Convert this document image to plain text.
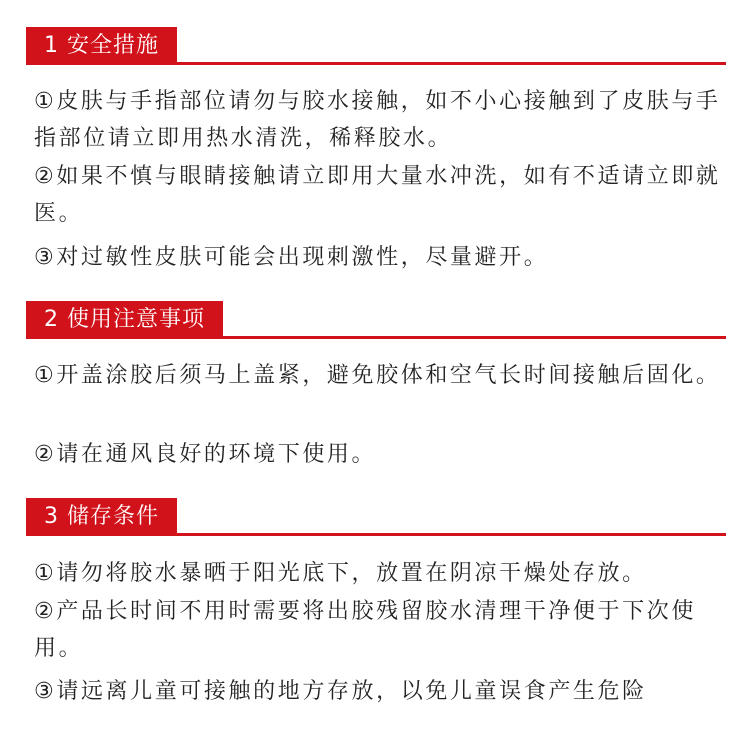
1 安全措施

①皮肤与手指部位请勿与胶水接触，如不小心接触到了皮肤与手指部位请立即用热水清洗，稀释胶水。

②如果不慎与眼睛接触请立即用大量水冲洗，如有不适请立即就医。

③对过敏性皮肤可能会出现刺激性，尽量避开。

2 使用注意事项

①开盖涂胶后须马上盖紧，避免胶体和空气长时间接触后固化。

②请在通风良好的环境下使用。

3 储存条件

①请勿将胶水暴晒于阳光底下，放置在阴凉干燥处存放。

②产品长时间不用时需要将出胶残留胶水清理干净便于下次使用。

③请远离儿童可接触的地方存放，以免儿童误食产生危险
